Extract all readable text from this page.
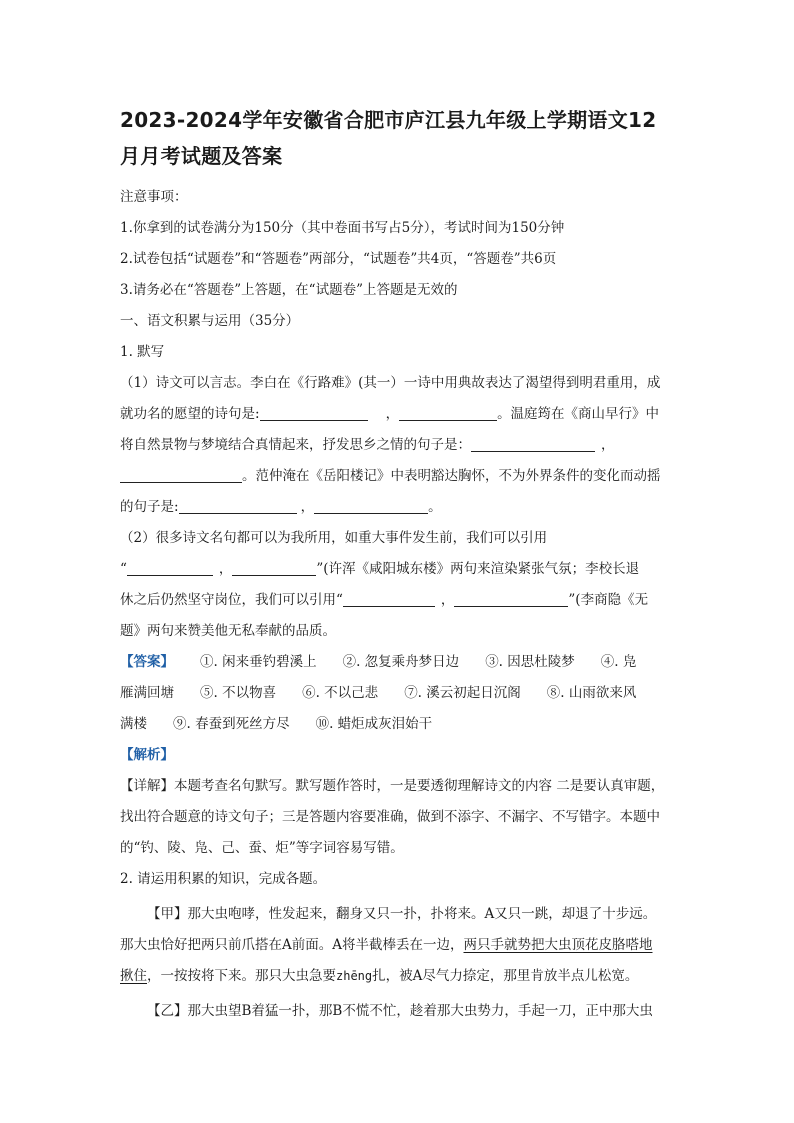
2023-2024学年安徽省合肥市庐江县九年级上学期语文12
月月考试题及答案

注意事项：

1.你拿到的试卷满分为150分（其中卷面书写占5分），考试时间为150分钟

2.试卷包括“试题卷”和“答题卷”两部分，“试题卷”共4页，“答题卷”共6页

3.请务必在“答题卷”上答题，在“试题卷”上答题是无效的

一、语文积累与运用（35分）

1. 默写

（1）诗文可以言志。李白在《行路难》(其一）一诗中用典故表达了渴望得到明君重用，成
就功名的愿望的诗句是:	，	。温庭筠在《商山早行》中
将自然景物与梦境结合真情起来，抒发思乡之情的句子是：	，
。范仲淹在《岳阳楼记》中表明豁达胸怀，不为外界条件的变化而动摇
的句子是:	，	。

（2）很多诗文名句都可以为我所用，如重大事件发生前，我们可以引用
“	，	”(许浑《咸阳城东楼》两句来渲染紧张气氛；李校长退
休之后仍然坚守岗位，我们可以引用“	，	”(李商隐《无
题》两句来赞美他无私奉献的品质。

【答案】 ①. 闲来垂钓碧溪上 ②. 忽复乘舟梦日边 ③. 因思杜陵梦 ④. 凫
雁满回塘 ⑤. 不以物喜 ⑥. 不以己悲 ⑦. 溪云初起日沉阁 ⑧. 山雨欲来风
满楼 ⑨. 春蚕到死丝方尽 ⑩. 蜡炬成灰泪始干

【解析】

【详解】本题考查名句默写。默写题作答时，一是要透彻理解诗文的内容 二是要认真审题，
找出符合题意的诗文句子；三是答题内容要准确，做到不添字、不漏字、不写错字。本题中
的“钓、陵、凫、己、蚕、炬”等字词容易写错。

2. 请运用积累的知识，完成各题。

【甲】那大虫咆哮，性发起来，翻身又只一扑，扑将来。A又只一跳，却退了十步远。
那大虫恰好把两只前爪搭在A前面。A将半截棒丢在一边，两只手就势把大虫顶花皮胳嗒地
揪住，一按按将下来。那只大虫急要zhēng扎，被A尽气力捺定，那里肯放半点儿松宽。

【乙】那大虫望B着猛一扑，那B不慌不忙，趁着那大虫势力，手起一刀，正中那大虫
